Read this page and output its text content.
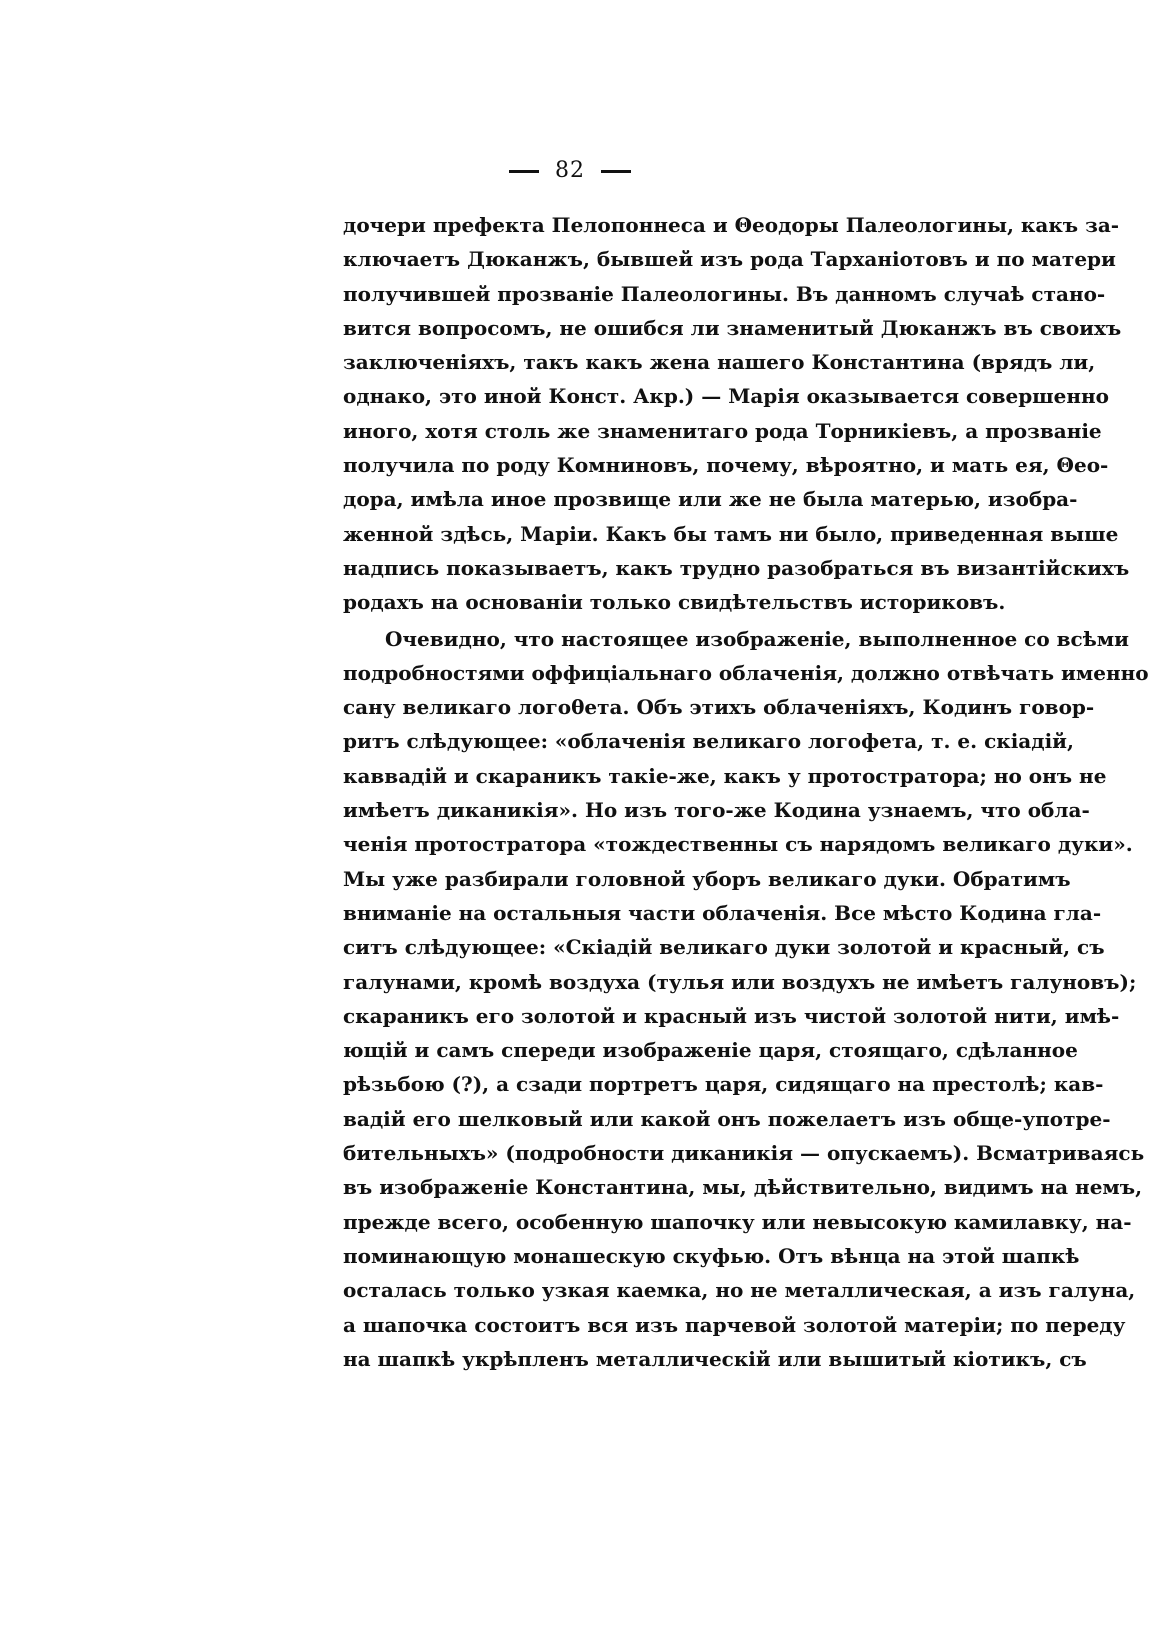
82
дочери префекта Пелопоннеса и Θеодоры Палеологины, какъ за-
ключаетъ Дюканжъ, бывшей изъ рода Тарханіотовъ и по матери
получившей прозваніе Палеологины. Въ данномъ случаѣ стано-
вится вопросомъ, не ошибся ли знаменитый Дюканжъ въ своихъ
заключеніяхъ, такъ какъ жена нашего Константина (врядъ ли,
однако, это иной Конст. Акр.) — Марія оказывается совершенно
иного, хотя столь же знаменитаго рода Торникіевъ, а прозваніе
получила по роду Комниновъ, почему, вѣроятно, и мать ея, Θео-
дора, имѣла иное прозвище или же не была матерью, изобра-
женной здѣсь, Маріи. Какъ бы тамъ ни было, приведенная выше
надпись показываетъ, какъ трудно разобраться въ византійскихъ
родахъ на основаніи только свидѣтельствъ историковъ.
Очевидно, что настоящее изображеніе, выполненное со всѣми
подробностями оффиціальнаго облаченія, должно отвѣчать именно
сану великаго логоθета. Объ этихъ облаченіяхъ, Кодинъ говор-
ритъ слѣдующее: «облаченія великаго логофета, т. е. скіадій,
каввадій и скараникъ такіе-же, какъ у протостратора; но онъ не
имѣетъ диканикія». Но изъ того-же Кодина узнаемъ, что обла-
ченія протостратора «тождественны съ нарядомъ великаго дуки».
Мы уже разбирали головной уборъ великаго дуки. Обратимъ
вниманіе на остальныя части облаченія. Все мѣсто Кодина гла-
ситъ слѣдующее: «Скіадій великаго дуки золотой и красный, съ
галунами, кромѣ воздуха (тулья или воздухъ не имѣетъ галуновъ);
скараникъ его золотой и красный изъ чистой золотой нити, имѣ-
ющій и самъ спереди изображеніе царя, стоящаго, сдѣланное
рѣзьбою (?), а сзади портретъ царя, сидящаго на престолѣ; кав-
вадій его шелковый или какой онъ пожелаетъ изъ обще-употре-
бительныхъ» (подробности диканикія — опускаемъ). Всматриваясь
въ изображеніе Константина, мы, дѣйствительно, видимъ на немъ,
прежде всего, особенную шапочку или невысокую камилавку, на-
поминающую монашескую скуфью. Отъ вѣнца на этой шапкѣ
осталась только узкая каемка, но не металлическая, а изъ галуна,
а шапочка состоитъ вся изъ парчевой золотой матеріи; по переду
на шапкѣ укрѣпленъ металлическій или вышитый кіотикъ, съ
